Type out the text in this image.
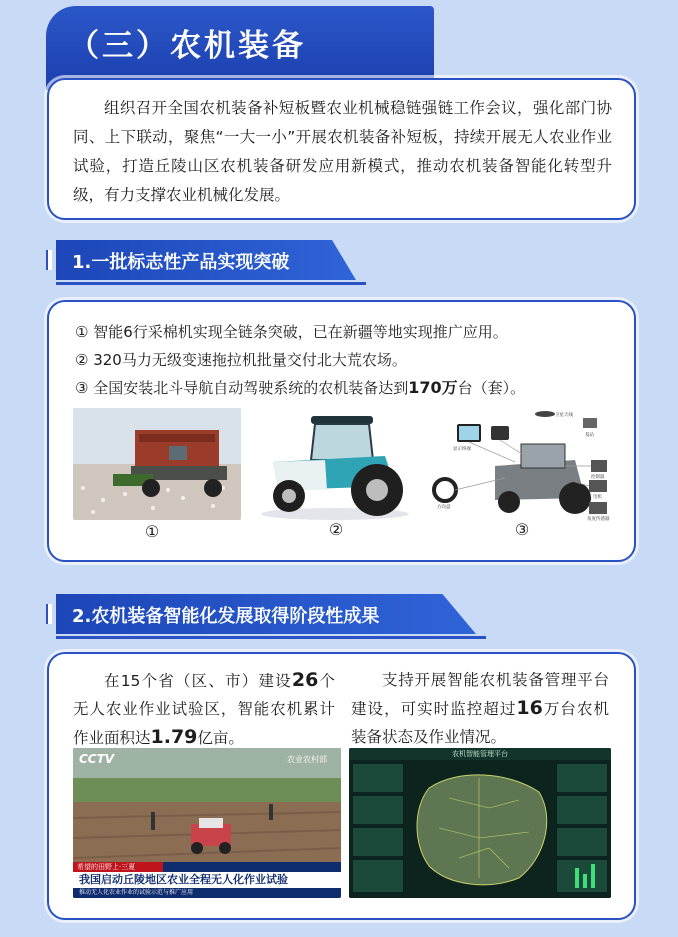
（三）农机装备

组织召开全国农机装备补短板暨农业机械稳链强链工作会议，强化部门协同、上下联动，聚焦“一大一小”开展农机装备补短板，持续开展无人农业作业试验，打造丘陵山区农机装备研发应用新模式，推动农机装备智能化转型升级，有力支撑农业机械化发展。

1.一批标志性产品实现突破
① 智能6行采棉机实现全链条突破，已在新疆等地实现推广应用。
② 320马力无级变速拖拉机批量交付北大荒农场。
③ 全国安装北斗导航自动驾驶系统的农机装备达到170万台（套）。
显示终端
卫星天线
方向盘
控制器
电机
角度传感器
基站
①	②	③
2.农机装备智能化发展取得阶段性成果
在15个省（区、市）建设26个无人农业作业试验区，智能农机累计作业面积达1.79亿亩。
支持开展智能农机装备管理平台建设，可实时监控超过16万台农机装备状态及作业情况。
CCTV	农业农村部
希望的田野上·三夏
我国启动丘陵地区农业全程无人化作业试验
推动无人化农业作业的试验示范与推广应用
农机智能管理平台
